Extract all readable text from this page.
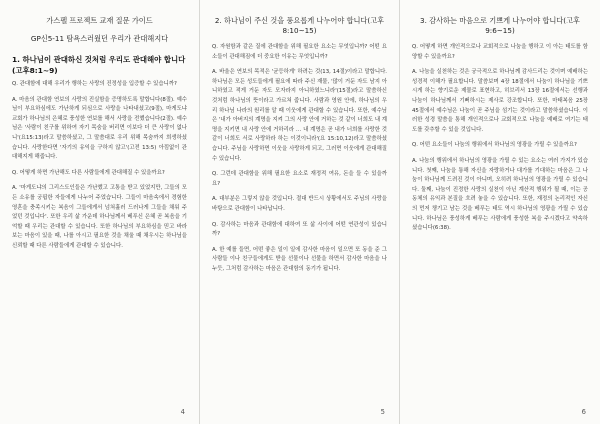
가스펠 프로젝트 교재 질문 가이드
GP신5-11 탐욕스러웠던 우리가 관대해지다
1. 하나님이 관대하신 것처럼 우리도 관대해야 합니다(고후8:1~9)

Q. 관대함에 대해 우리가 행하는 사랑의 진정성을 입증할 수 있습니까?

A. 마음의 관대함 연보의 사랑의 진실함을 증명하도록 말합니다(8절). 예수님이 부요하심에도 가난하게 되심으로 사랑을 나타내셨고(9절), 마게도냐 교회가 하나님의 은혜로 풍성한 연보를 해서 사랑을 전했습니다(2절). 예수님은 '사람이 친구를 위하여 자기 목숨을 버리면 이보다 더 큰 사랑이 없나니'(요15:13)라고 말씀하셨고, 그 말씀대로 우리 위해 목숨까지 희생하셨습니다. 사랑한다면 '자기의 유익을 구하지 않고'(고전 13:5) 아낌없이 관대해지게 해줍니다.

Q. 어떻게 하면 가난해도 다른 사람들에게 관대해질 수 있을까요?

A. '마게도냐의 그리스도인들은 가난했고 고통을 받고 있었지만, 그들의 모든 소유를 궁핍한 자들에게 나누어 주었습니다. 그들이 마음속에서 경험한 영혼을 충족시키는 복음이 그들에게서 넘쳐흘러 드러나게 그들을 채워 주었던 것입니다'. 또한 우리 삶 가운데 하나님께서 베푸신 은혜 곧 복음을 기억할 때 우리는 관대할 수 있습니다. 또한 하나님의 부요하심을 믿고 바라보는 마음이 있을 때, 나를 아시고 필요한 것을 채울 때 채우시는 하나님을 신뢰할 때 다른 사람들에게 관대할 수 있습니다.

4
2. 하나님이 주신 것을 풍요롭게 나누어야 합니다(고후8:10~15)

Q. 자원함과 같은 질에 관대함을 위해 필요한 요소는 무엇입니까? 어떤 요소들이 관대해짐에 더 중요한 이유는 무엇입니까?

A. 바울은 연보의 목적은 '균등하게' 하려는 것(13, 14절)이라고 말합니다. 하나님은 모든 성도들에게 필요에 따라 주신 재물, '많이 거둔 자도 남지 아니하였고 적게 거둔 자도 모자라지 아니하였느니라'(15절)라고 말씀하신 것처럼 하나님의 뜻이라고 가르쳐 줍니다. 사람과 영원 안에, 하나님의 우리 하나님 나라의 원리를 알 때 이웃에게 관대할 수 있습니다. 또한, 예수님은 '내가 아버지의 계명을 지켜 그의 사랑 안에 거하는 것 같이 너희도 내 계명을 지키면 내 사랑 안에 거하리라 … 내 계명은 곧 내가 너희를 사랑한 것 같이 너희도 서로 사랑하라 하는 이것이니라'(요 15:10,12)라고 말씀하셨습니다. 주님을 사랑하면 이웃을 사랑하게 되고, 그러면 이웃에게 관대해질 수 있습니다.

Q. 그런데 관대함을 위해 필요한 요소로 재정적 여유, 돈을 들 수 있을까요?

A. 대부분은 그렇지 않을 것입니다. 절대 반드시 상황에서도 주님의 사랑을 바탕으로 관대함이 나타납니다.

Q. 감사하는 마음과 관대함에 대하여 또 삶 사이에 어떤 연관성이 있습니까?

A. 한 예를 들면, 어떤 좋은 일이 일에 감사한 마음이 일으면 또 동을 준 그 사람들 이나 친구들에게도 받을 선물이나 선물을 하면서 감사한 마음을 나누듯, 그처럼 감사하는 마음은 관대함의 동기가 됩니다.

5
3. 감사하는 마음으로 기쁘게 나누어야 합니다(고후 9:6~15)

Q. 어떻게 하면 개인적으로나 교회적으로 나눔을 행하고 이 아는 태도를 함양할 수 있을까요?

A. 나눔을 실천하는 것은 궁극적으로 하나님께 감사드리는 것이며 예배하는 성경적 이해가 필요합니다. 말씀보며 4장 18절에서 나눔이 하나님을 기쁘시게 하는 향기로운 제물로 표현하고, 히브리서 13장 16절에서는 선행과 나눔이 하나님께서 기뻐하시는 제사로 강조합니다. 또한, 마태복음 25장 45절에서 예수님은 나눔이 곧 주님을 섬기는 것이라고 말씀하셨습니다. 이러한 성경 말씀을 통해 개인적으로나 교회적으로 나눔을 예배로 여기는 태도를 갖추할 수 있을 것입니다.

Q. 어떤 요소들이 나눔의 행위에서 하나님의 영광을 가릴 수 있을까요?

A. 나눔의 행위에서 하나님의 영광을 가릴 수 있는 요소는 여러 가지가 있습니다. 첫째, 나눔을 통해 자신을 자랑하거나 대가를 기대하는 마음은 그 나눔이 하나님께 드려진 것이 아니며, 오히려 하나님의 영광을 가릴 수 있습니다. 둘째, 나눔이 진정한 사랑의 실천이 아닌 계산적 행위가 될 때, 이는 공동체의 유익과 본질을 흐려 놓을 수 있습니다. 또한, 재정의 논리적인 자신의 먼저 챙기고 남는 것을 베푸는 태도 역시 하나님의 영광을 가릴 수 있습니다. 하나님은 풍성하게 베푸는 사람에게 풍성한 복을 주시겠다고 약속하셨습니다(6:38).

6
